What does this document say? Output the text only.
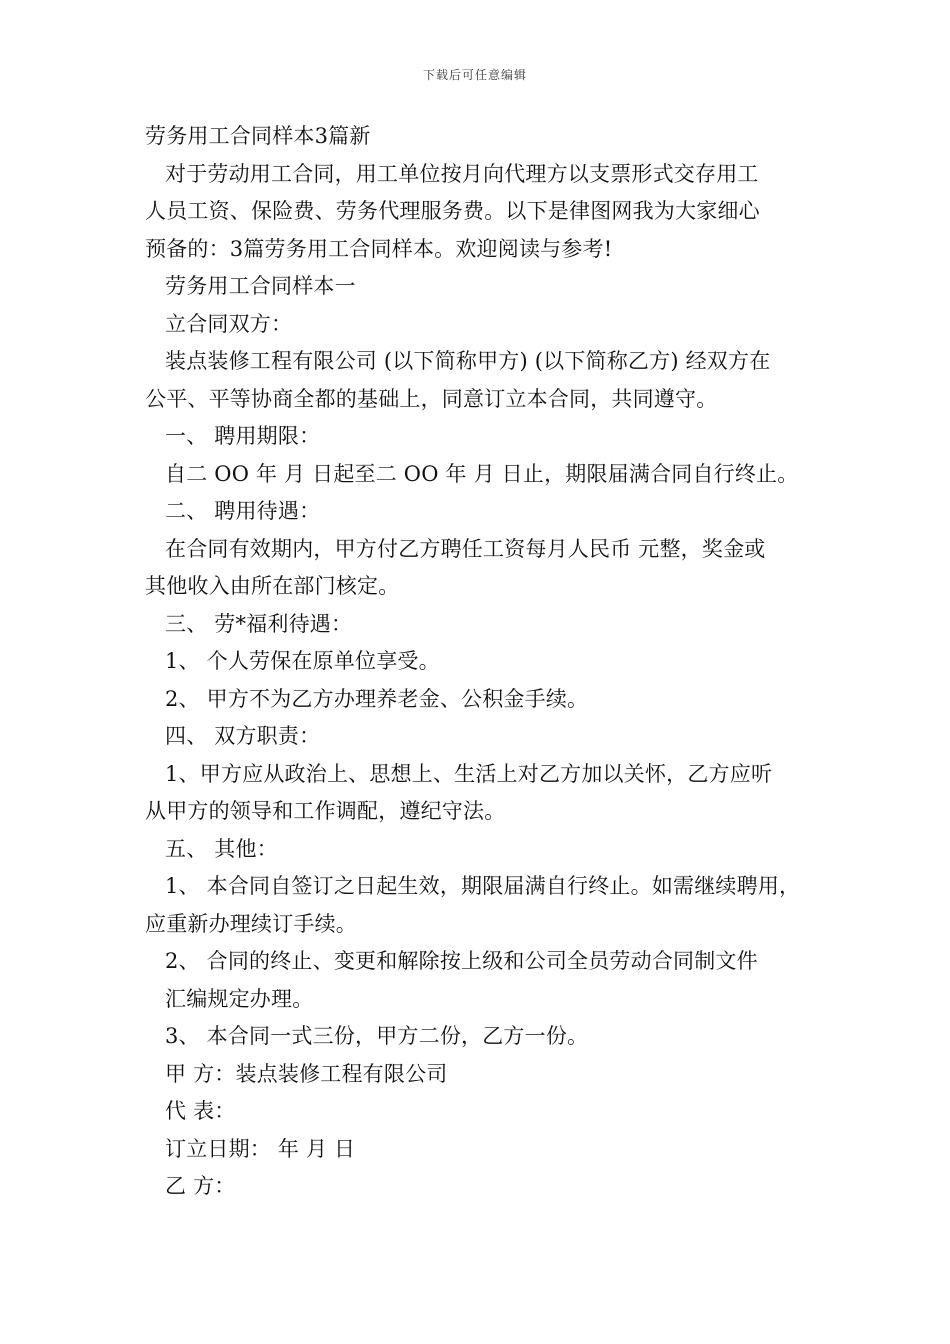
下载后可任意编辑
劳务用工合同样本3篇新
对于劳动用工合同，用工单位按月向代理方以支票形式交存用工
人员工资、保险费、劳务代理服务费。以下是律图网我为大家细心
预备的：3篇劳务用工合同样本。欢迎阅读与参考!
劳务用工合同样本一
立合同双方：
装点装修工程有限公司 (以下简称甲方) (以下简称乙方) 经双方在
公平、平等协商全都的基础上，同意订立本合同，共同遵守。
一、 聘用期限：
自二 OO 年 月 日起至二 OO 年 月 日止，期限届满合同自行终止。
二、 聘用待遇：
在合同有效期内，甲方付乙方聘任工资每月人民币 元整，奖金或
其他收入由所在部门核定。
三、 劳*福利待遇：
1、 个人劳保在原单位享受。
2、 甲方不为乙方办理养老金、公积金手续。
四、 双方职责：
1、甲方应从政治上、思想上、生活上对乙方加以关怀，乙方应听
从甲方的领导和工作调配，遵纪守法。
五、 其他：
1、 本合同自签订之日起生效，期限届满自行终止。如需继续聘用，
应重新办理续订手续。
2、 合同的终止、变更和解除按上级和公司全员劳动合同制文件
汇编规定办理。
3、 本合同一式三份，甲方二份，乙方一份。
甲 方：装点装修工程有限公司
代 表：
订立日期： 年 月 日
乙 方：
